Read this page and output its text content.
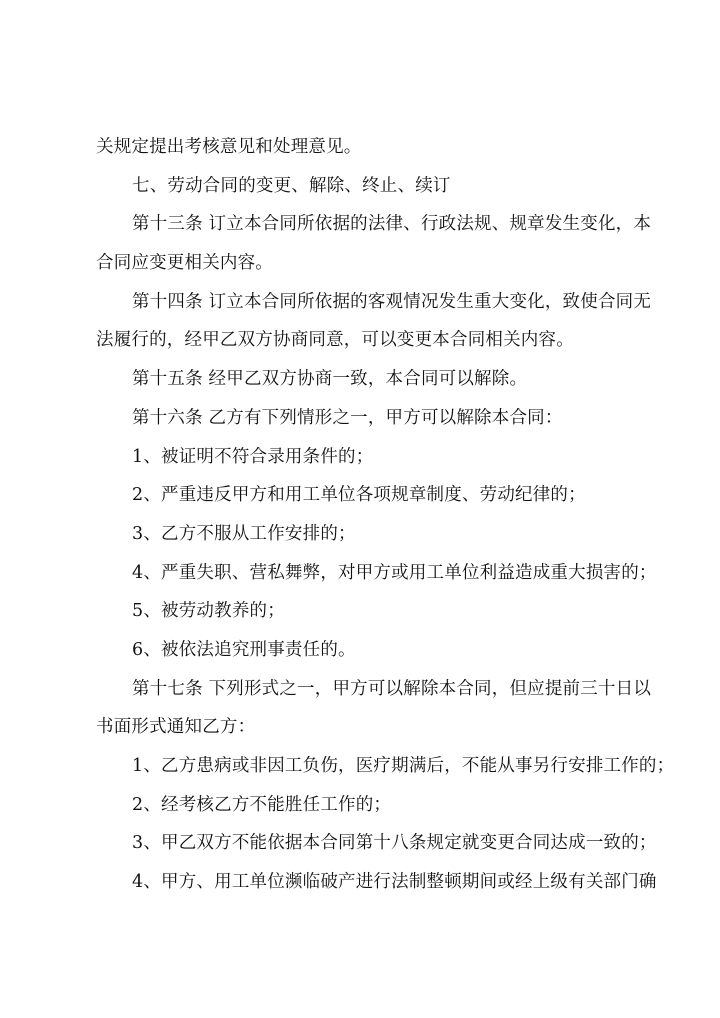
关规定提出考核意见和处理意见。
七、劳动合同的变更、解除、终止、续订
第十三条 订立本合同所依据的法律、行政法规、规章发生变化，本
合同应变更相关内容。
第十四条 订立本合同所依据的客观情况发生重大变化，致使合同无
法履行的，经甲乙双方协商同意，可以变更本合同相关内容。
第十五条 经甲乙双方协商一致，本合同可以解除。
第十六条 乙方有下列情形之一，甲方可以解除本合同：
1、被证明不符合录用条件的；
2、严重违反甲方和用工单位各项规章制度、劳动纪律的；
3、乙方不服从工作安排的；
4、严重失职、营私舞弊，对甲方或用工单位利益造成重大损害的；
5、被劳动教养的；
6、被依法追究刑事责任的。
第十七条 下列形式之一，甲方可以解除本合同，但应提前三十日以
书面形式通知乙方：
1、乙方患病或非因工负伤，医疗期满后，不能从事另行安排工作的；
2、经考核乙方不能胜任工作的；
3、甲乙双方不能依据本合同第十八条规定就变更合同达成一致的；
4、甲方、用工单位濒临破产进行法制整顿期间或经上级有关部门确
